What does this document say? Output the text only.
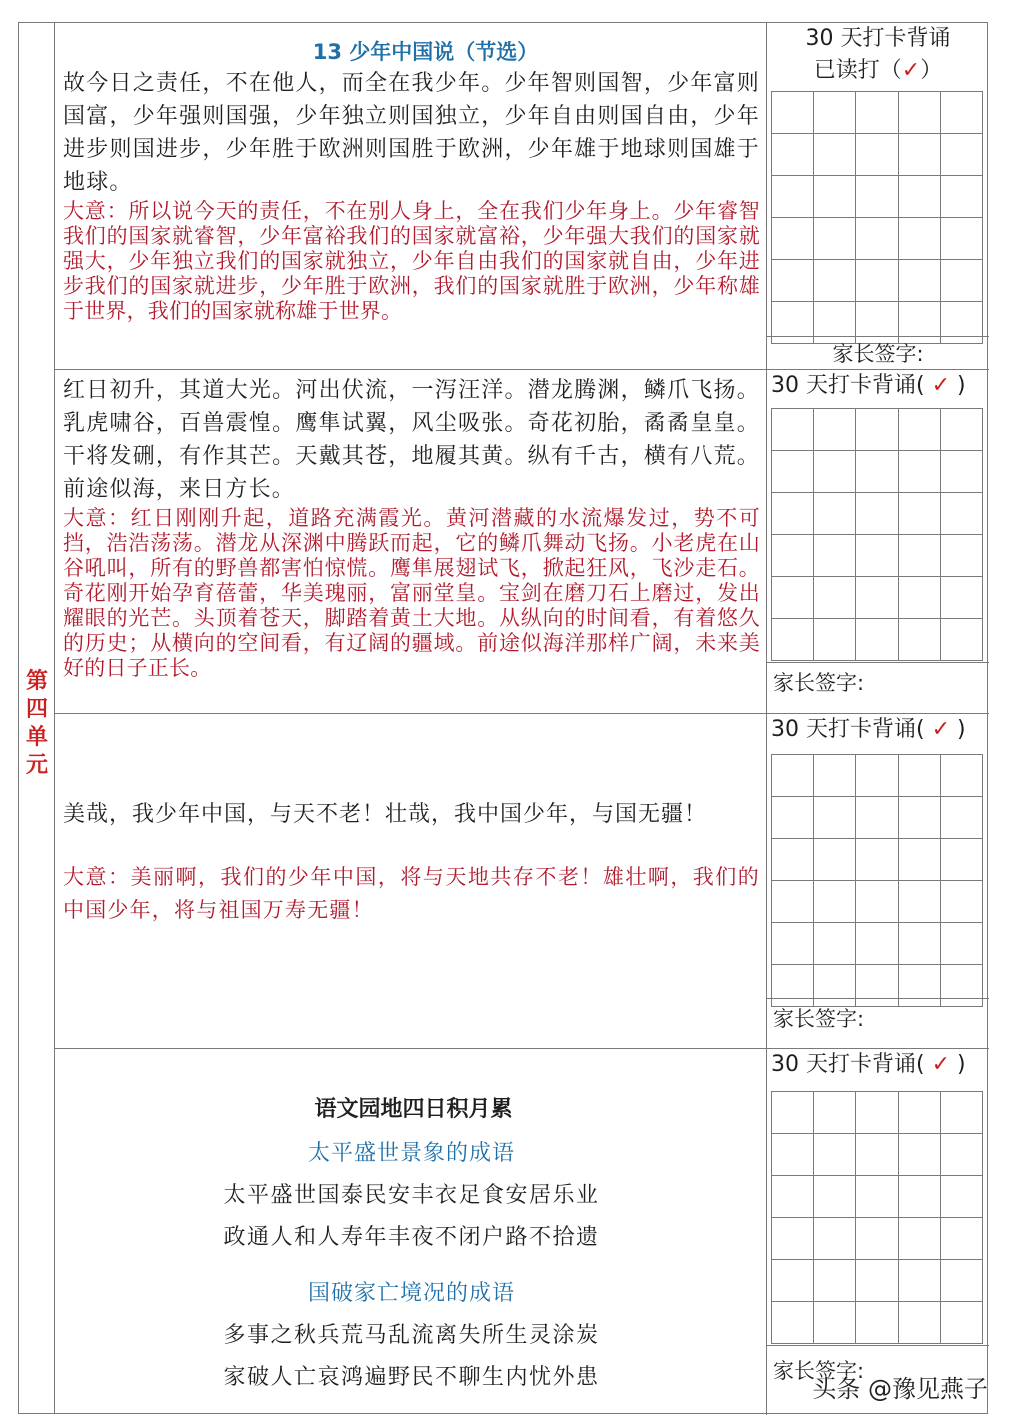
第四单元
13 少年中国说（节选）
故今日之责任，不在他人，而全在我少年。少年智则国智，少年富则国富，少年强则国强，少年独立则国独立，少年自由则国自由，少年进步则国进步，少年胜于欧洲则国胜于欧洲，少年雄于地球则国雄于地球。
大意：所以说今天的责任，不在别人身上，全在我们少年身上。少年睿智我们的国家就睿智，少年富裕我们的国家就富裕，少年强大我们的国家就强大，少年独立我们的国家就独立，少年自由我们的国家就自由，少年进步我们的国家就进步，少年胜于欧洲，我们的国家就胜于欧洲，少年称雄于世界，我们的国家就称雄于世界。
30 天打卡背诵
已读打（✓）

家长签字:
红日初升，其道大光。河出伏流，一泻汪洋。潜龙腾渊，鳞爪飞扬。乳虎啸谷，百兽震惶。鹰隼试翼，风尘吸张。奇花初胎，矞矞皇皇。干将发硎，有作其芒。天戴其苍，地履其黄。纵有千古，横有八荒。前途似海，来日方长。
大意：红日刚刚升起，道路充满霞光。黄河潜藏的水流爆发过，势不可挡，浩浩荡荡。潜龙从深渊中腾跃而起，它的鳞爪舞动飞扬。小老虎在山谷吼叫，所有的野兽都害怕惊慌。鹰隼展翅试飞，掀起狂风，飞沙走石。奇花刚开始孕育蓓蕾，华美瑰丽，富丽堂皇。宝剑在磨刀石上磨过，发出耀眼的光芒。头顶着苍天，脚踏着黄土大地。从纵向的时间看，有着悠久的历史；从横向的空间看，有辽阔的疆域。前途似海洋那样广阔，未来美好的日子正长。
30 天打卡背诵( ✓ )

家长签字:
美哉，我少年中国，与天不老！壮哉，我中国少年，与国无疆！
大意：美丽啊，我们的少年中国，将与天地共存不老！雄壮啊，我们的中国少年，将与祖国万寿无疆！
30 天打卡背诵( ✓ )

家长签字:
语文园地四日积月累
太平盛世景象的成语
太平盛世国泰民安丰衣足食安居乐业
政通人和人寿年丰夜不闭户路不拾遗
国破家亡境况的成语
多事之秋兵荒马乱流离失所生灵涂炭
家破人亡哀鸿遍野民不聊生内忧外患
30 天打卡背诵( ✓ )

家长签字:
头条 @豫见燕子
